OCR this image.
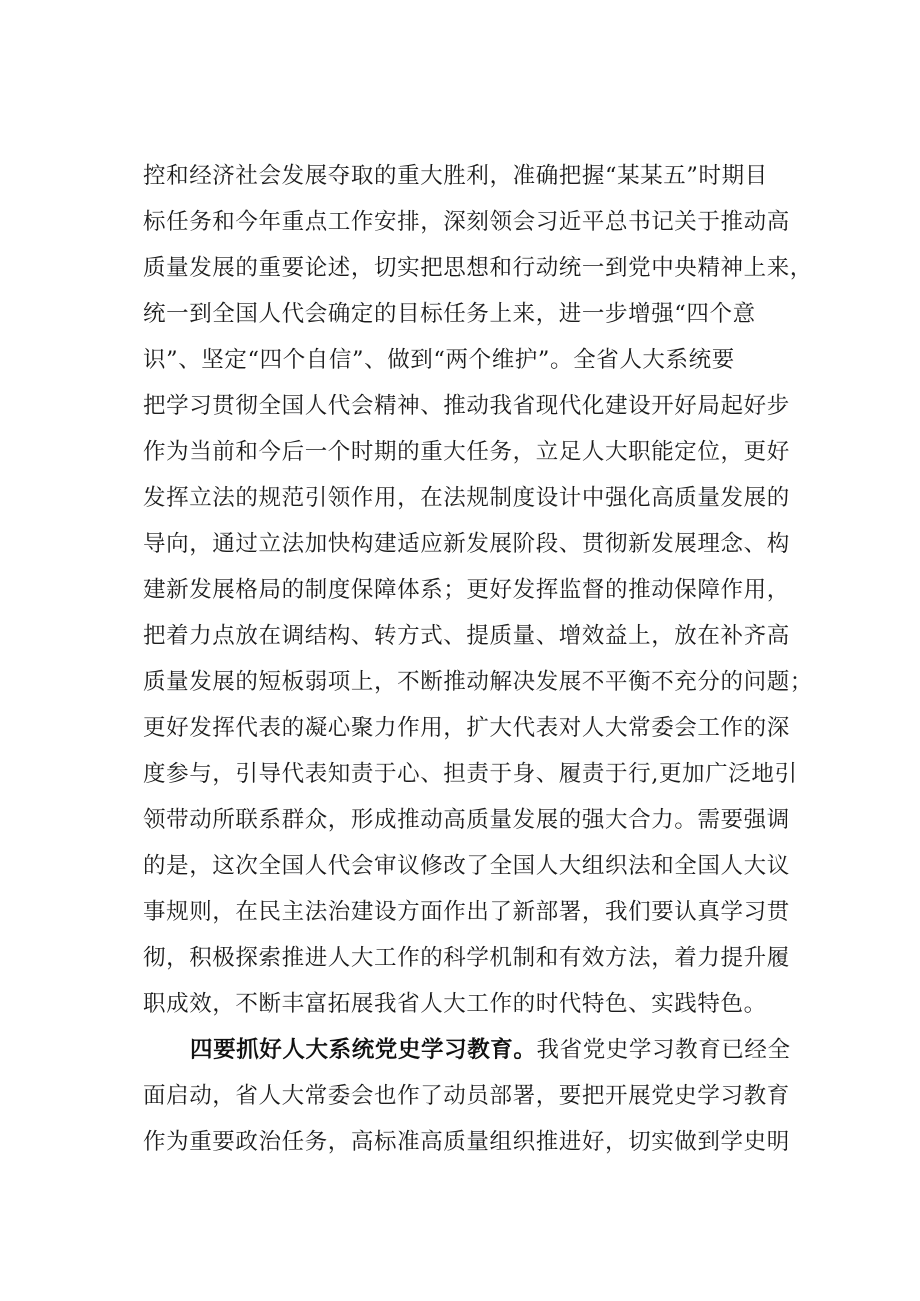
控和经济社会发展夺取的重大胜利，准确把握“某某五”时期目
标任务和今年重点工作安排，深刻领会习近平总书记关于推动高
质量发展的重要论述，切实把思想和行动统一到党中央精神上来，
统一到全国人代会确定的目标任务上来，进一步增强“四个意
识”、坚定“四个自信”、做到“两个维护”。全省人大系统要
把学习贯彻全国人代会精神、推动我省现代化建设开好局起好步
作为当前和今后一个时期的重大任务，立足人大职能定位，更好
发挥立法的规范引领作用，在法规制度设计中强化高质量发展的
导向，通过立法加快构建适应新发展阶段、贯彻新发展理念、构
建新发展格局的制度保障体系；更好发挥监督的推动保障作用，
把着力点放在调结构、转方式、提质量、增效益上，放在补齐高
质量发展的短板弱项上，不断推动解决发展不平衡不充分的问题；
更好发挥代表的凝心聚力作用，扩大代表对人大常委会工作的深
度参与，引导代表知责于心、担责于身、履责于行,更加广泛地引
领带动所联系群众，形成推动高质量发展的强大合力。需要强调
的是，这次全国人代会审议修改了全国人大组织法和全国人大议
事规则，在民主法治建设方面作出了新部署，我们要认真学习贯
彻，积极探索推进人大工作的科学机制和有效方法，着力提升履
职成效，不断丰富拓展我省人大工作的时代特色、实践特色。
四要抓好人大系统党史学习教育。我省党史学习教育已经全
面启动，省人大常委会也作了动员部署，要把开展党史学习教育
作为重要政治任务，高标准高质量组织推进好，切实做到学史明
